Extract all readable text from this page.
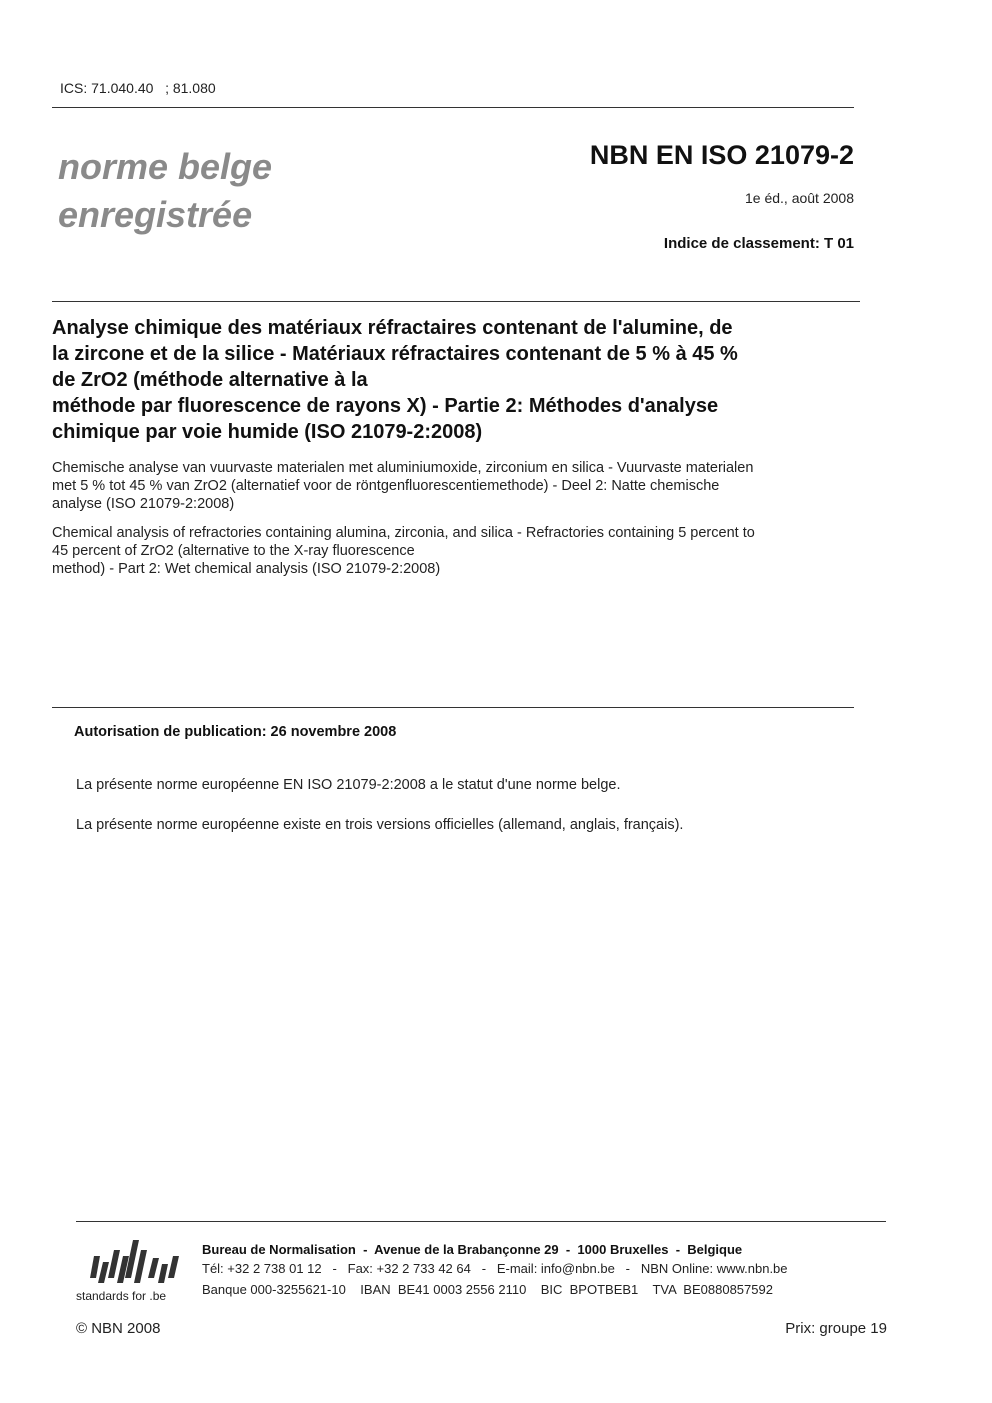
ICS: 71.040.40   ; 81.080
norme belge
enregistrée
NBN EN ISO 21079-2
1e éd., août 2008
Indice de classement: T 01
Analyse chimique des matériaux réfractaires contenant de l'alumine, de
la zircone et de la silice - Matériaux réfractaires contenant de 5 % à 45 %
de ZrO2 (méthode alternative à la
méthode par fluorescence de rayons X) - Partie 2: Méthodes d'analyse
chimique par voie humide (ISO 21079-2:2008)
Chemische analyse van vuurvaste materialen met aluminiumoxide, zirconium en silica - Vuurvaste materialen
met 5 % tot 45 % van ZrO2 (alternatief voor de röntgenfluorescentiemethode) - Deel 2: Natte chemische
analyse (ISO 21079-2:2008)
Chemical analysis of refractories containing alumina, zirconia, and silica - Refractories containing 5 percent to
45 percent of ZrO2 (alternative to the X-ray fluorescence
method) - Part 2: Wet chemical analysis (ISO 21079-2:2008)
Autorisation de publication: 26 novembre 2008
La présente norme européenne EN ISO 21079-2:2008 a le statut d'une norme belge.
La présente norme européenne existe en trois versions officielles (allemand, anglais, français).
standards for .be
Bureau de Normalisation  -  Avenue de la Brabançonne 29  -  1000 Bruxelles  -  Belgique
Tél: +32 2 738 01 12   -   Fax: +32 2 733 42 64   -   E-mail: info@nbn.be   -   NBN Online: www.nbn.be
Banque 000-3255621-10    IBAN  BE41 0003 2556 2110    BIC  BPOTBEB1    TVA  BE0880857592
© NBN 2008	Prix: groupe 19
